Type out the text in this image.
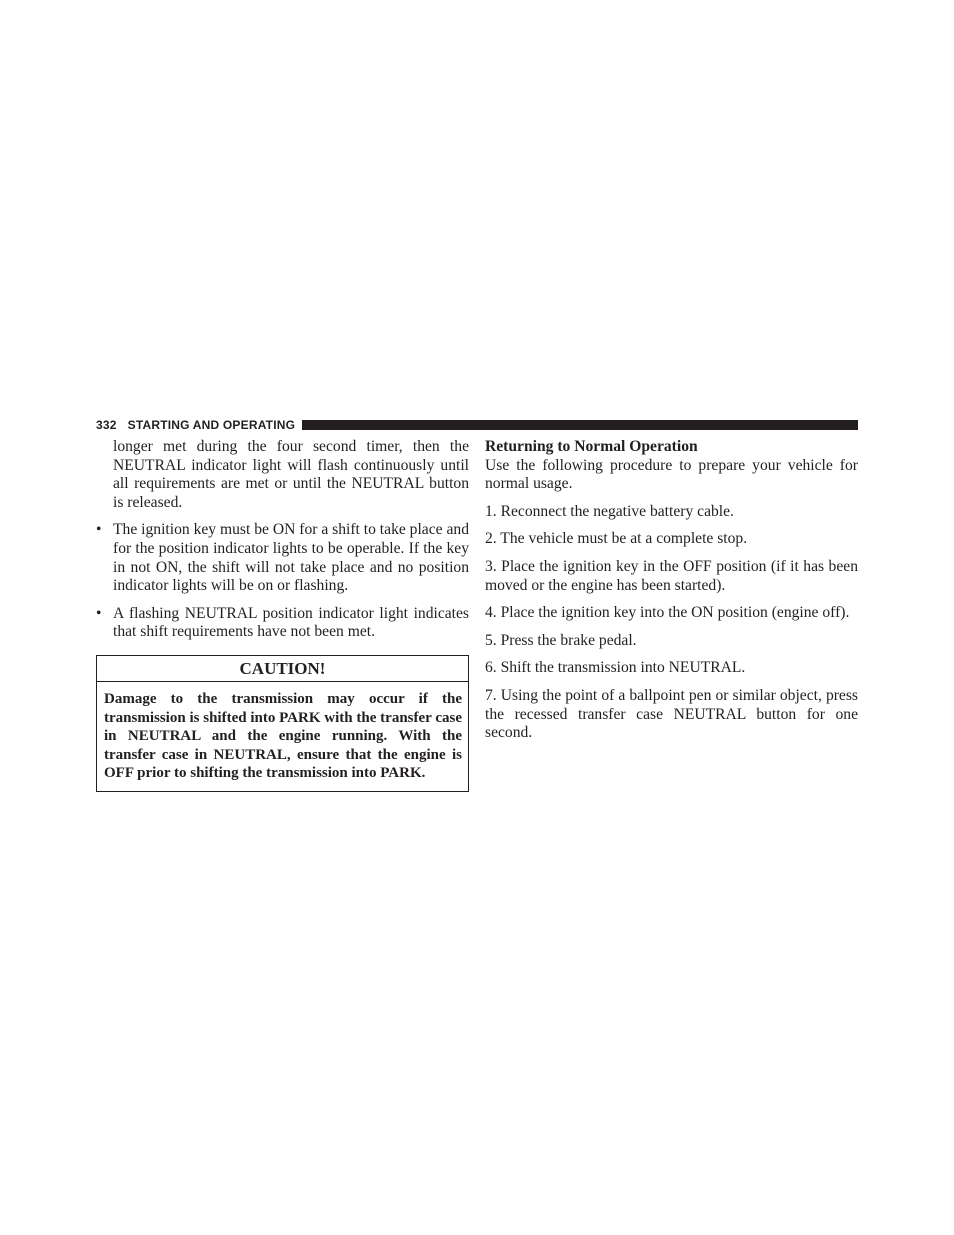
332 STARTING AND OPERATING

longer met during the four second timer, then the NEUTRAL indicator light will flash continuously until all requirements are met or until the NEUTRAL button is released.

• The ignition key must be ON for a shift to take place and for the position indicator lights to be operable. If the key in not ON, the shift will not take place and no position indicator lights will be on or flashing.
• A flashing NEUTRAL position indicator light indicates that shift requirements have not been met.
CAUTION!
Damage to the transmission may occur if the transmission is shifted into PARK with the transfer case in NEUTRAL and the engine running. With the transfer case in NEUTRAL, ensure that the engine is OFF prior to shifting the transmission into PARK.

Returning to Normal Operation

Use the following procedure to prepare your vehicle for normal usage.

1. Reconnect the negative battery cable.

2. The vehicle must be at a complete stop.

3. Place the ignition key in the OFF position (if it has been moved or the engine has been started).

4. Place the ignition key into the ON position (engine off).

5. Press the brake pedal.

6. Shift the transmission into NEUTRAL.

7. Using the point of a ballpoint pen or similar object, press the recessed transfer case NEUTRAL button for one second.
